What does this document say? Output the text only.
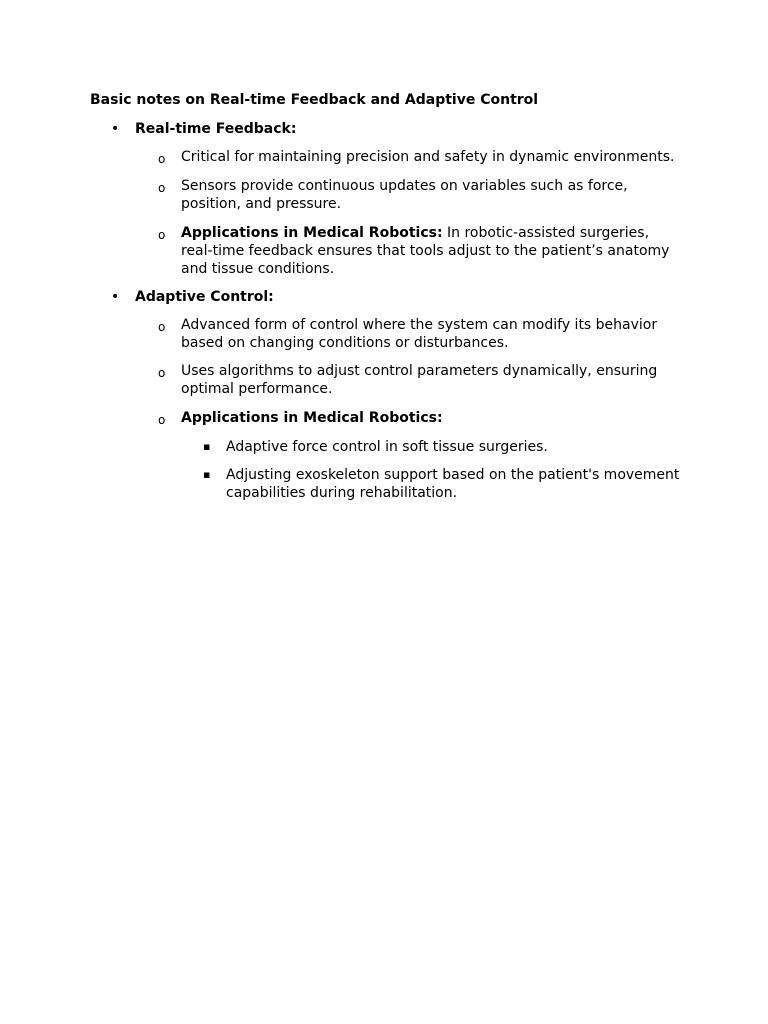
Basic notes on Real-time Feedback and Adaptive Control
• Real-time Feedback:
o Critical for maintaining precision and safety in dynamic environments.
o Sensors provide continuous updates on variables such as force, position, and pressure.
o Applications in Medical Robotics: In robotic-assisted surgeries, real-time feedback ensures that tools adjust to the patient’s anatomy and tissue conditions.
• Adaptive Control:
o Advanced form of control where the system can modify its behavior based on changing conditions or disturbances.
o Uses algorithms to adjust control parameters dynamically, ensuring optimal performance.
o Applications in Medical Robotics:
▪ Adaptive force control in soft tissue surgeries.
▪ Adjusting exoskeleton support based on the patient's movement capabilities during rehabilitation.
